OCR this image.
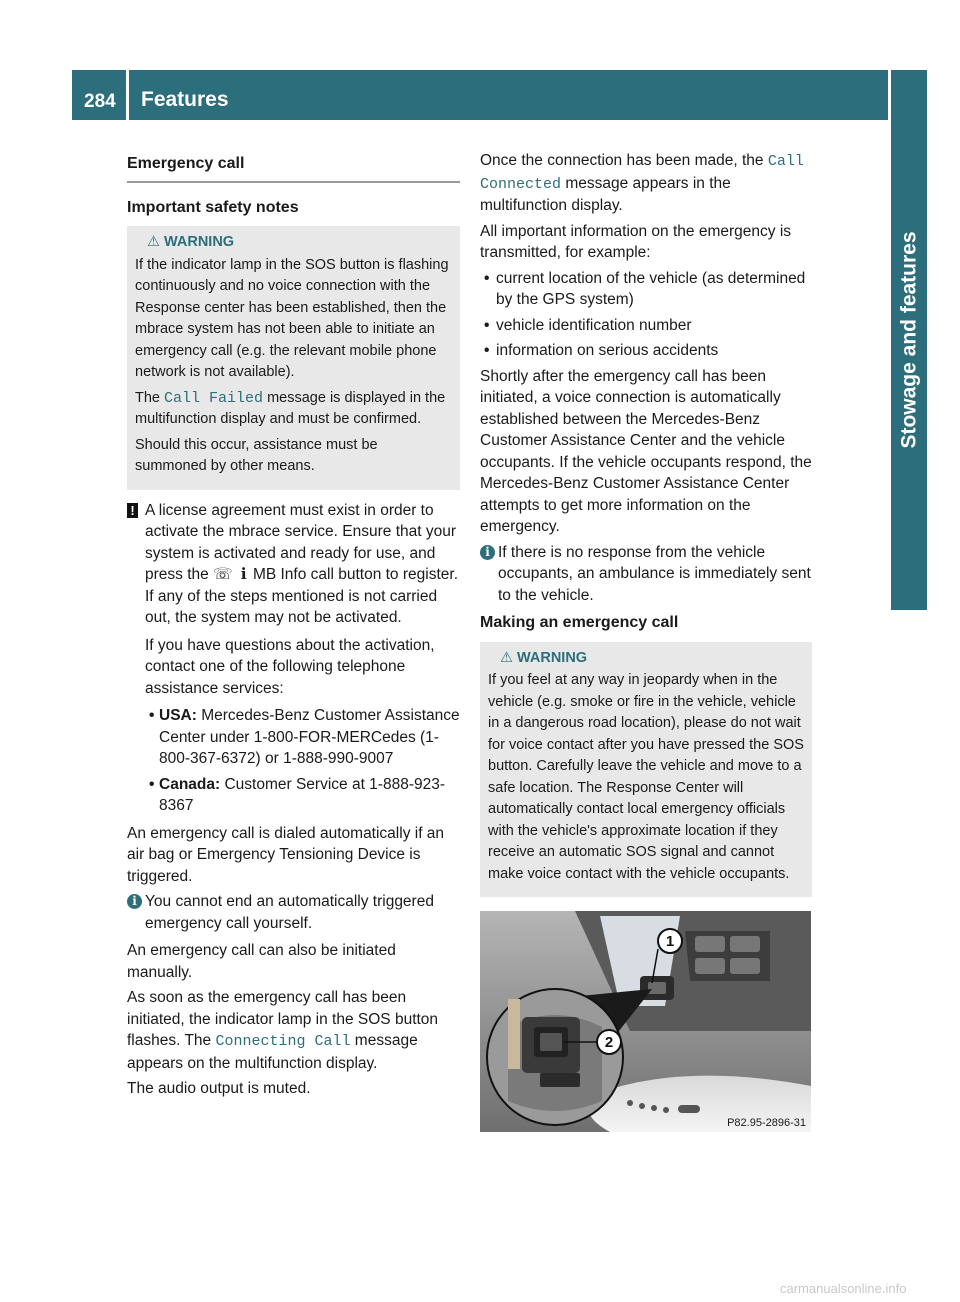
284 Features
Stowage and features
Emergency call
Important safety notes
⚠ WARNING

If the indicator lamp in the SOS button is flashing continuously and no voice connection with the Response center has been established, then the mbrace system has not been able to initiate an emergency call (e.g. the relevant mobile phone network is not available).

The Call Failed message is displayed in the multifunction display and must be confirmed.

Should this occur, assistance must be summoned by other means.

! A license agreement must exist in order to activate the mbrace service. Ensure that your system is activated and ready for use, and press the ☏ ℹ MB Info call button to register. If any of the steps mentioned is not carried out, the system may not be activated.

If you have questions about the activation, contact one of the following telephone assistance services:

• USA: Mercedes-Benz Customer Assistance Center under 1-800-FOR-MERCedes (1-800-367-6372) or 1-888-990-9007
• Canada: Customer Service at 1-888-923-8367

An emergency call is dialed automatically if an air bag or Emergency Tensioning Device is triggered.

i You cannot end an automatically triggered emergency call yourself.

An emergency call can also be initiated manually.

As soon as the emergency call has been initiated, the indicator lamp in the SOS button flashes. The Connecting Call message appears on the multifunction display.

The audio output is muted.

Once the connection has been made, the Call Connected message appears in the multifunction display.

All important information on the emergency is transmitted, for example:

• current location of the vehicle (as determined by the GPS system)
• vehicle identification number
• information on serious accidents

Shortly after the emergency call has been initiated, a voice connection is automatically established between the Mercedes-Benz Customer Assistance Center and the vehicle occupants. If the vehicle occupants respond, the Mercedes-Benz Customer Assistance Center attempts to get more information on the emergency.

i If there is no response from the vehicle occupants, an ambulance is immediately sent to the vehicle.

Making an emergency call
⚠ WARNING

If you feel at any way in jeopardy when in the vehicle (e.g. smoke or fire in the vehicle, vehicle in a dangerous road location), please do not wait for voice contact after you have pressed the SOS button. Carefully leave the vehicle and move to a safe location. The Response Center will automatically contact local emergency officials with the vehicle's approximate location if they receive an automatic SOS signal and cannot make voice contact with the vehicle occupants.

1
2
P82.95-2896-31
carmanualsonline.info
